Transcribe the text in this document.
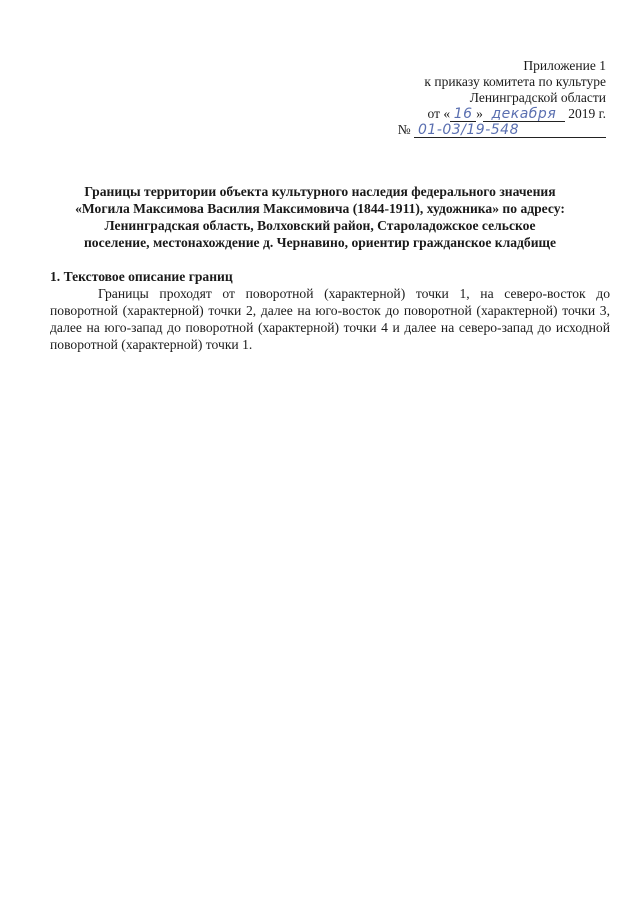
Приложение 1
к приказу комитета по культуре
Ленинградской области
от « 16 » декабря 2019 г.
№ 01-03/19-548
Границы территории объекта культурного наследия федерального значения
«Могила Максимова Василия Максимовича (1844-1911), художника» по адресу:
Ленинградская область, Волховский район, Староладожское сельское
поселение, местонахождение д. Чернавино, ориентир гражданское кладбище
1. Текстовое описание границ
Границы проходят от поворотной (характерной) точки 1, на северо-восток до поворотной (характерной) точки 2, далее на юго-восток до поворотной (характерной) точки 3, далее на юго-запад до поворотной (характерной) точки 4 и далее на северо-запад до исходной поворотной (характерной) точки 1.
